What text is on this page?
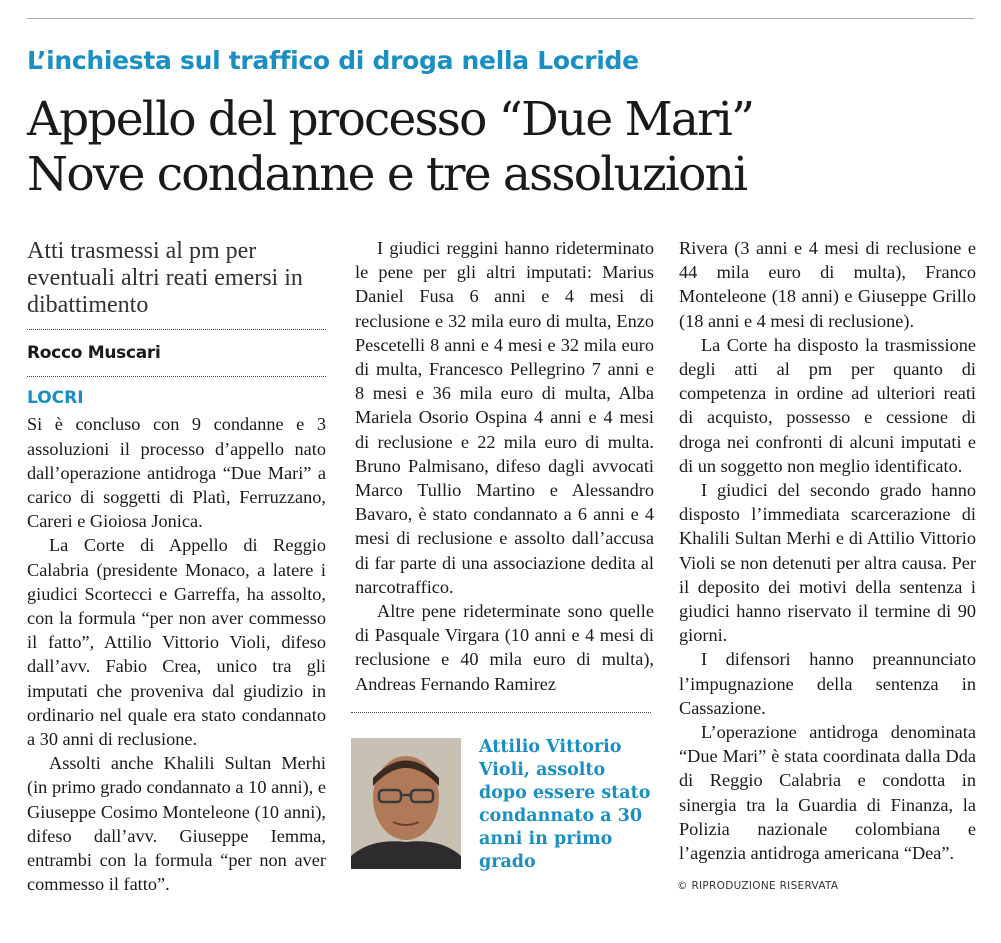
L’inchiesta sul traffico di droga nella Locride
Appello del processo “Due Mari”
Nove condanne e tre assoluzioni
Atti trasmessi al pm per eventuali altri reati emersi in dibattimento
Rocco Muscari
LOCRI

Si è concluso con 9 condanne e 3 assoluzioni il processo d’appello nato dall’operazione antidroga “Due Mari” a carico di soggetti di Platì, Ferruzzano, Careri e Gioiosa Jonica.

La Corte di Appello di Reggio Calabria (presidente Monaco, a latere i giudici Scortecci e Garreffa, ha assolto, con la formula “per non aver commesso il fatto”, Attilio Vittorio Violi, difeso dall’avv. Fabio Crea, unico tra gli imputati che proveniva dal giudizio in ordinario nel quale era stato condannato a 30 anni di reclusione.

Assolti anche Khalili Sultan Merhi (in primo grado condannato a 10 anni), e Giuseppe Cosimo Monteleone (10 anni), difeso dall’avv. Giuseppe Iemma, entrambi con la formula “per non aver commesso il fatto”.

I giudici reggini hanno rideterminato le pene per gli altri imputati: Marius Daniel Fusa 6 anni e 4 mesi di reclusione e 32 mila euro di multa, Enzo Pescetelli 8 anni e 4 mesi e 32 mila euro di multa, Francesco Pellegrino 7 anni e 8 mesi e 36 mila euro di multa, Alba Mariela Osorio Ospina 4 anni e 4 mesi di reclusione e 22 mila euro di multa. Bruno Palmisano, difeso dagli avvocati Marco Tullio Martino e Alessandro Bavaro, è stato condannato a 6 anni e 4 mesi di reclusione e assolto dall’accusa di far parte di una associazione dedita al narcotraffico.

Altre pene rideterminate sono quelle di Pasquale Virgara (10 anni e 4 mesi di reclusione e 40 mila euro di multa), Andreas Fernando Ramirez

Attilio Vittorio Violi, assolto dopo essere stato condannato a 30 anni in primo grado

Rivera (3 anni e 4 mesi di reclusione e 44 mila euro di multa), Franco Monteleone (18 anni) e Giuseppe Grillo (18 anni e 4 mesi di reclusione).

La Corte ha disposto la trasmissione degli atti al pm per quanto di competenza in ordine ad ulteriori reati di acquisto, possesso e cessione di droga nei confronti di alcuni imputati e di un soggetto non meglio identificato.

I giudici del secondo grado hanno disposto l’immediata scarcerazione di Khalili Sultan Merhi e di Attilio Vittorio Violi se non detenuti per altra causa. Per il deposito dei motivi della sentenza i giudici hanno riservato il termine di 90 giorni.

I difensori hanno preannunciato l’impugnazione della sentenza in Cassazione.

L’operazione antidroga denominata “Due Mari” è stata coordinata dalla Dda di Reggio Calabria e condotta in sinergia tra la Guardia di Finanza, la Polizia nazionale colombiana e l’agenzia antidroga americana “Dea”.

© RIPRODUZIONE RISERVATA
